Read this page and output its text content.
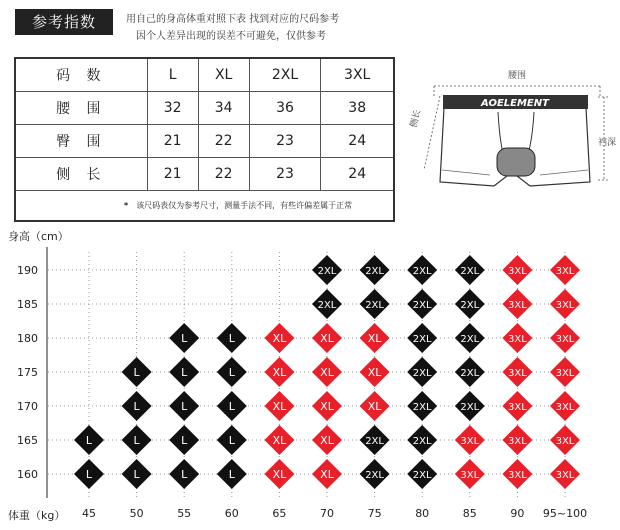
参考指数	用自己的身高体重对照下表 找到对应的尺码参考
因个人差异出现的误差不可避免，仅供参考
码 数	L	XL	2XL	3XL
腰 围	32	34	36	38
臀 围	21	22	23	24
侧 长	21	22	23	24
* 该尺码表仅为参考尺寸，测量手法不同，有些许偏差属于正常				
腰围
侧长
裆深
AOELEMENT
身高（cm）
体重（kg）
160
165
170
175
180
185
190
45	50	55	60	65	70	75	80	85	90 95~100
L
L
L
L
L
L
L
L
L
L
L
L
L
L
L
L
XL
XL
XL
XL
XL
2XL
2XL
XL
XL
XL
XL
XL
2XL
2XL
XL
XL
XL
2XL
2XL
2XL
2XL
2XL
2XL
2XL
2XL
2XL
2XL
2XL
2XL
2XL
2XL
3XL
3XL
3XL
3XL
3XL
3XL
3XL
3XL
3XL
3XL
3XL
3XL
3XL
3XL
3XL
3XL
